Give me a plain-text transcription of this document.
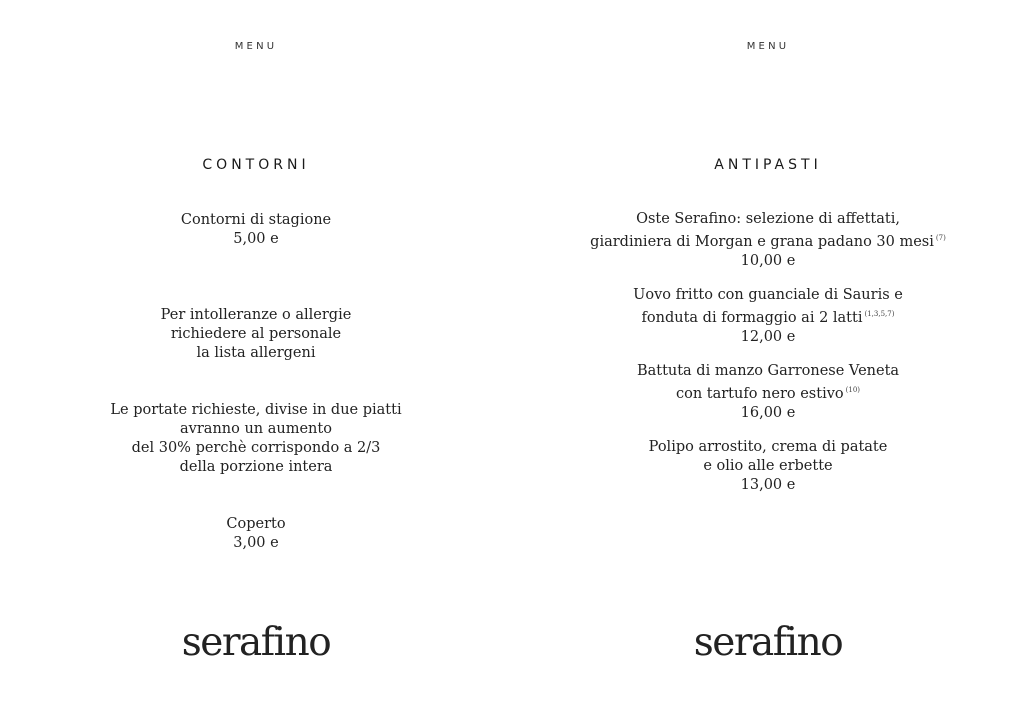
MENU
CONTORNI
Contorni di stagione
5,00 e
Per intolleranze o allergie
richiedere al personale
la lista allergeni
Le portate richieste, divise in due piatti
avranno un aumento
del 30% perchè corrispondo a 2/3
della porzione intera
Coperto
3,00 e
serafino
MENU
ANTIPASTI
Oste Serafino: selezione di affettati,
giardiniera di Morgan e grana padano 30 mesi $^{(7)}$
10,00 e
Uovo fritto con guanciale di Sauris e
fonduta di formaggio ai 2 latti $^{(1,3,5,7)}$
12,00 e
Battuta di manzo Garronese Veneta
con tartufo nero estivo $^{(10)}$
16,00 e
Polipo arrostito, crema di patate
e olio alle erbette
13,00 e
serafino
